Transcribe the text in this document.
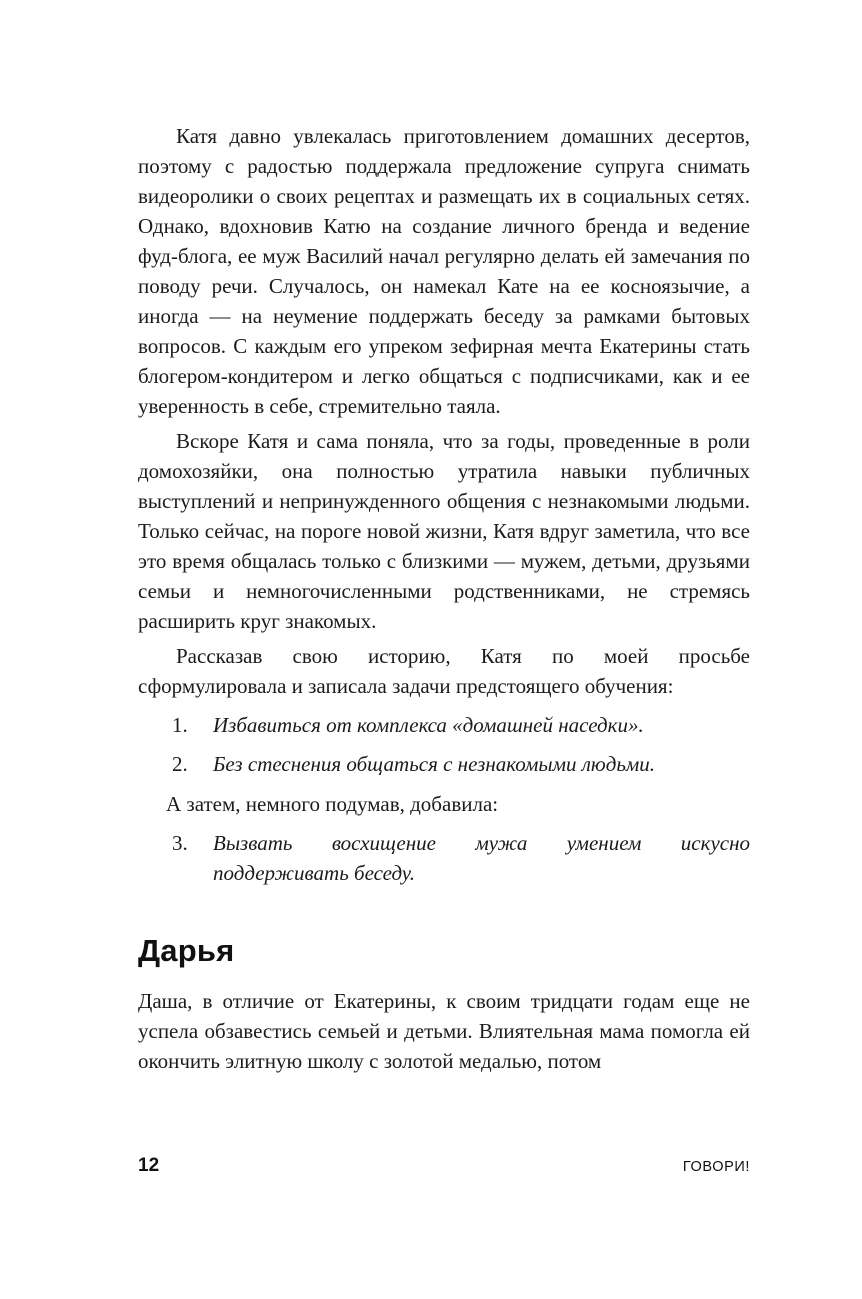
Катя давно увлекалась приготовлением домашних десертов, поэтому с радостью поддержала предложение супруга снимать видеоролики о своих рецептах и размещать их в социальных сетях. Однако, вдохновив Катю на создание личного бренда и ведение фуд-блога, ее муж Василий начал регулярно делать ей замечания по поводу речи. Случалось, он намекал Кате на ее косноязычие, а иногда — на неумение поддержать беседу за рамками бытовых вопросов. С каждым его упреком зефирная мечта Екатерины стать блогером-кондитером и легко общаться с подписчиками, как и ее уверенность в себе, стремительно таяла.

Вскоре Катя и сама поняла, что за годы, проведенные в роли домохозяйки, она полностью утратила навыки публичных выступлений и непринужденного общения с незнакомыми людьми. Только сейчас, на пороге новой жизни, Катя вдруг заметила, что все это время общалась только с близкими — мужем, детьми, друзьями семьи и немногочисленными родственниками, не стремясь расширить круг знакомых.

Рассказав свою историю, Катя по моей просьбе сформулировала и записала задачи предстоящего обучения:

1.	Избавиться от комплекса «домашней наседки».
2.	Без стеснения общаться с незнакомыми людьми.

А затем, немного подумав, добавила:

3.	Вызвать восхищение мужа умением искусно поддерживать беседу.
Дарья

Даша, в отличие от Екатерины, к своим тридцати годам еще не успела обзавестись семьей и детьми. Влиятельная мама помогла ей окончить элитную школу с золотой медалью, потом

12	ГОВОРИ!
